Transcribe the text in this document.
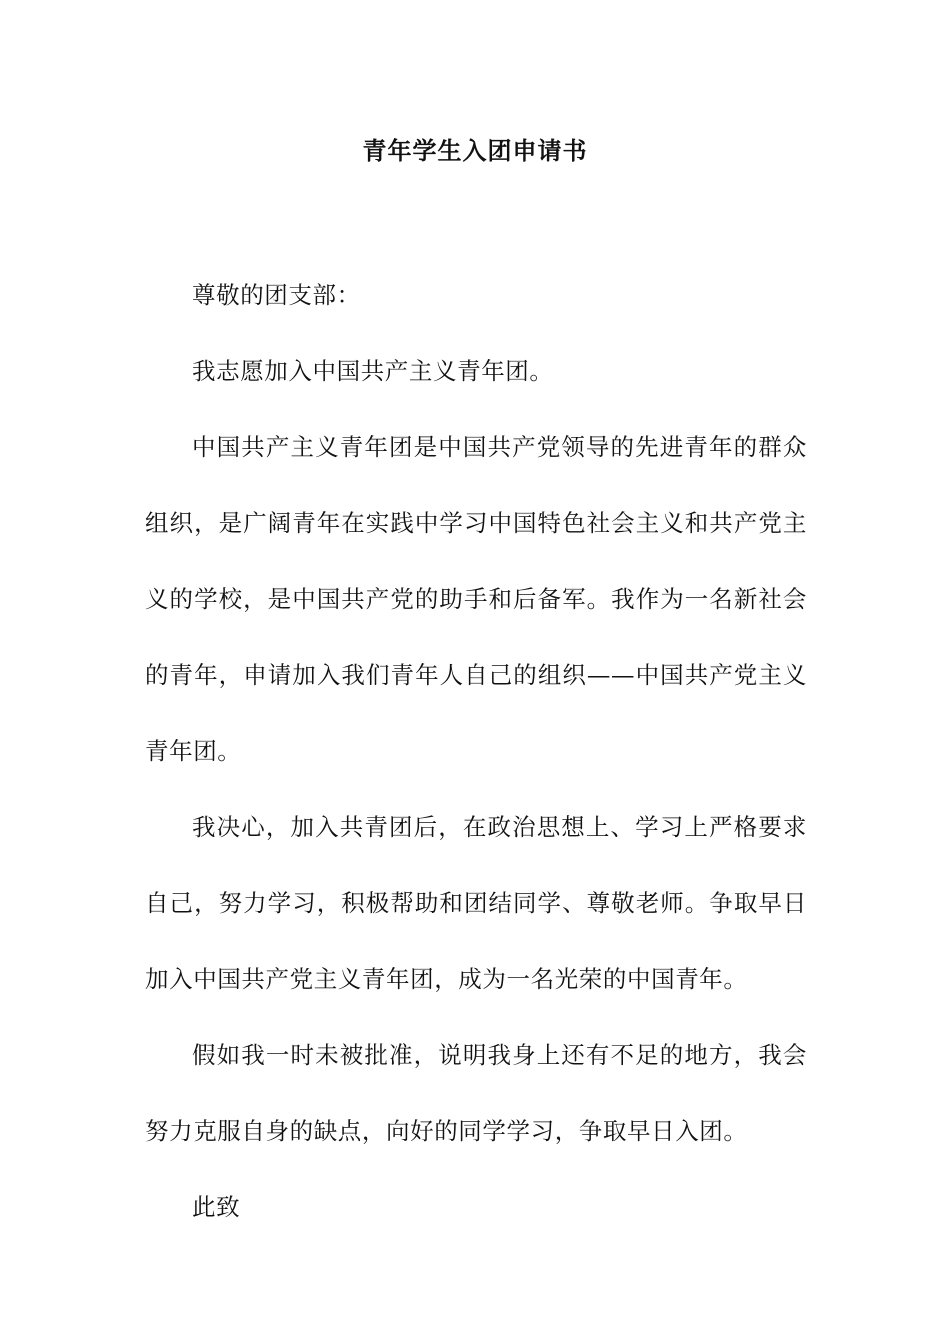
青年学生入团申请书

尊敬的团支部：

我志愿加入中国共产主义青年团。

中国共产主义青年团是中国共产党领导的先进青年的群众组织，是广阔青年在实践中学习中国特色社会主义和共产党主义的学校，是中国共产党的助手和后备军。我作为一名新社会的青年，申请加入我们青年人自己的组织——中国共产党主义青年团。

我决心，加入共青团后，在政治思想上、学习上严格要求自己，努力学习，积极帮助和团结同学、尊敬老师。争取早日加入中国共产党主义青年团，成为一名光荣的中国青年。

假如我一时未被批准，说明我身上还有不足的地方，我会努力克服自身的缺点，向好的同学学习，争取早日入团。

此致
